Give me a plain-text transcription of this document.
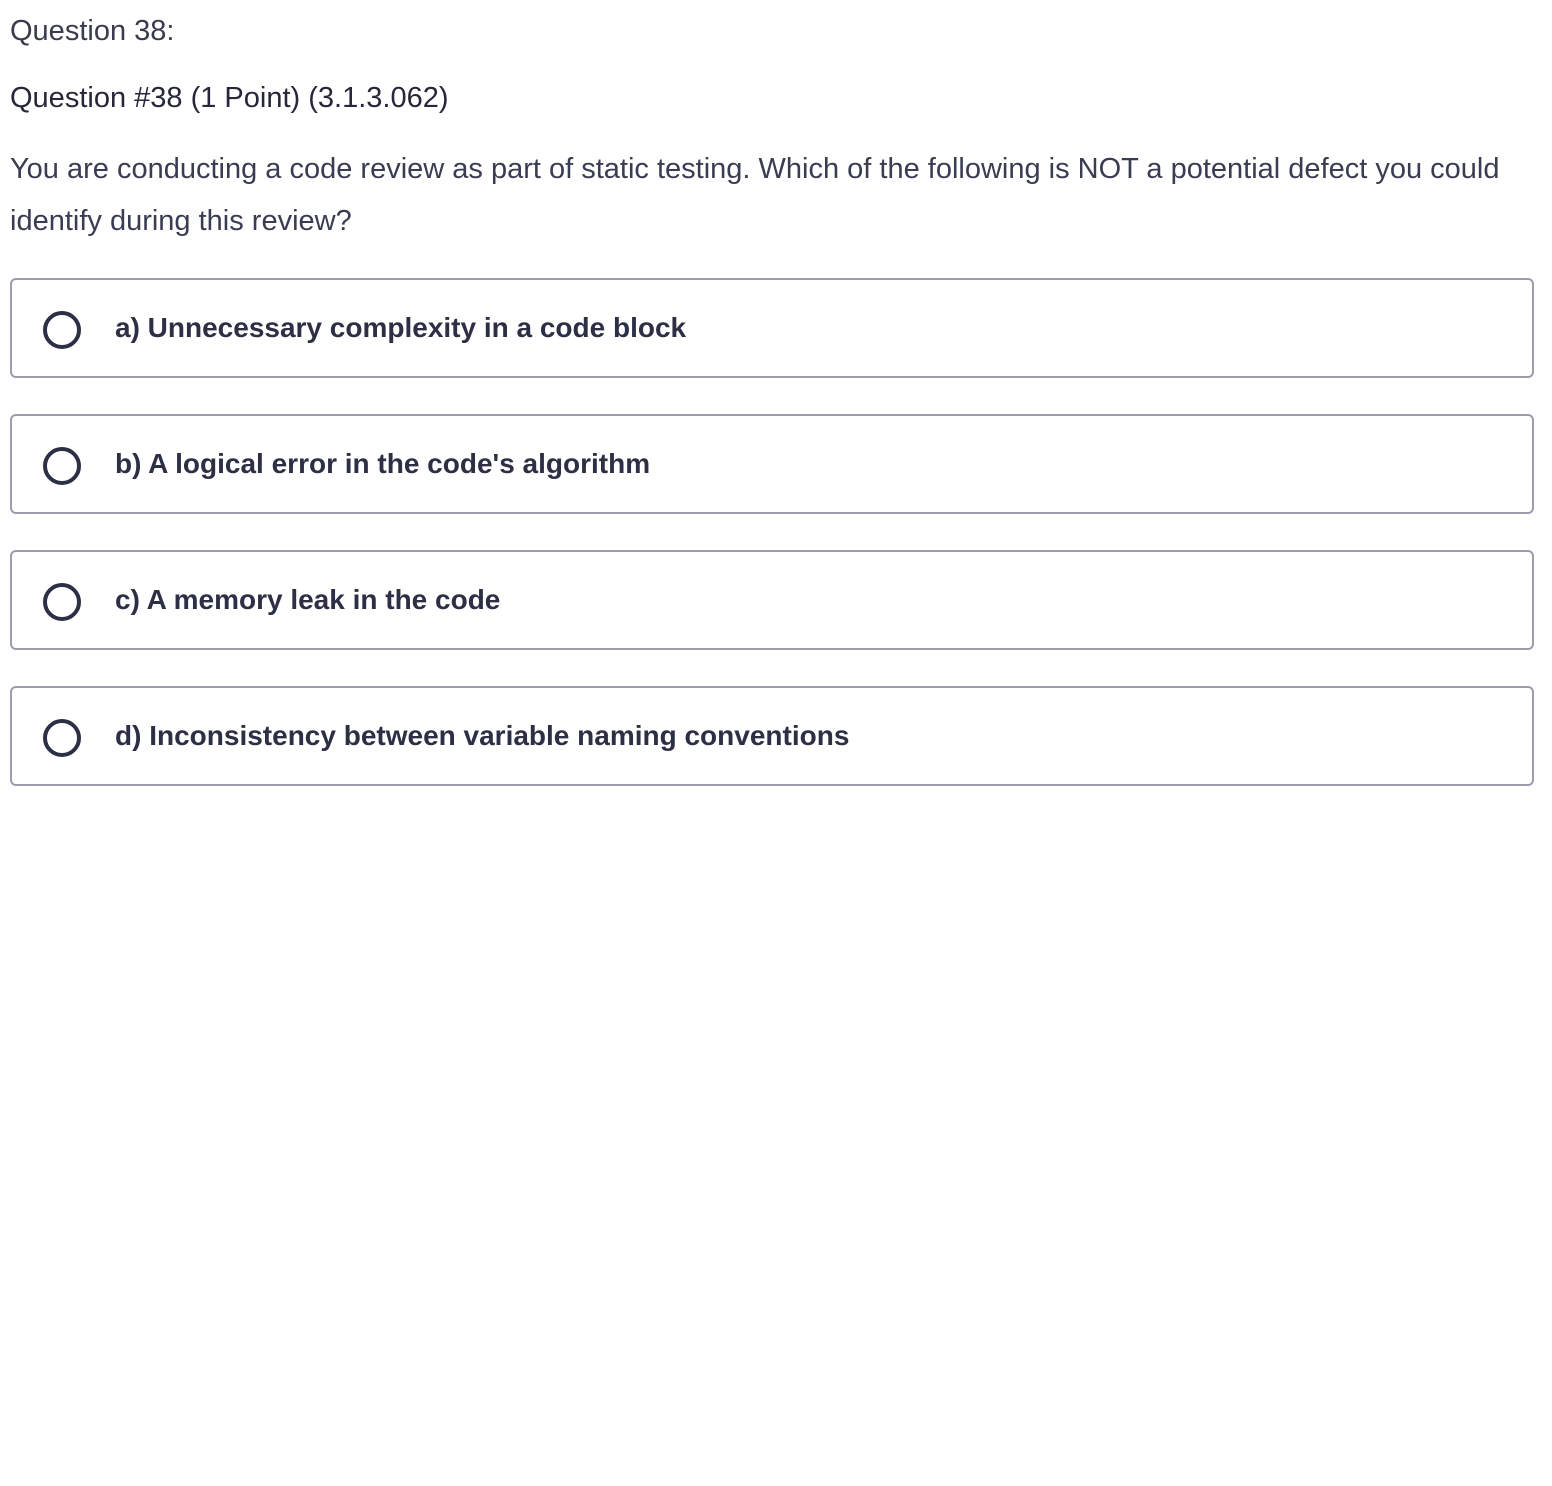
Question 38:
Question #38 (1 Point) (3.1.3.062)
You are conducting a code review as part of static testing. Which of the following is NOT a potential defect you could identify during this review?
a) Unnecessary complexity in a code block
b) A logical error in the code's algorithm
c) A memory leak in the code
d) Inconsistency between variable naming conventions
